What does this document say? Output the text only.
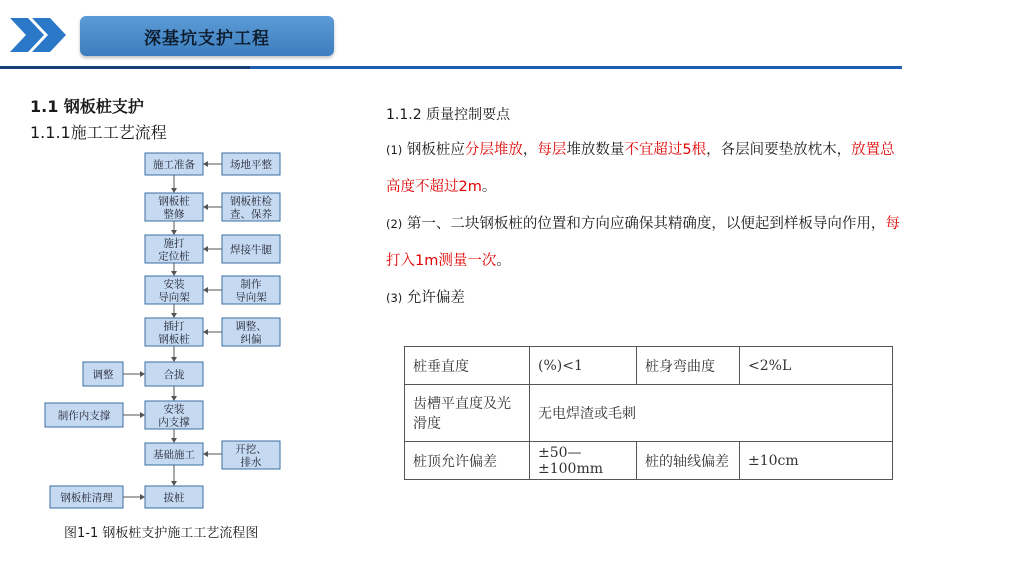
深基坑支护工程
1.1 钢板桩支护
1.1.1施工工艺流程
施工准备
钢板桩
整修
施打
定位桩
安装
导向架
插打
钢板桩
合拢
安装
内支撑
基础施工
拔桩
场地平整
钢板桩检
查、保养
焊接牛腿
制作
导向架
调整、
纠偏
开挖、
排水
调整
制作内支撑
钢板桩清理
图1-1 钢板桩支护施工工艺流程图
1.1.2 质量控制要点
(1) 钢板桩应分层堆放，每层堆放数量不宜超过5根，各层间要垫放枕木，放置总高度不超过2m。
(2) 第一、二块钢板桩的位置和方向应确保其精确度，以便起到样板导向作用，每打入1m测量一次。
(3) 允许偏差
桩垂直度	(%)<1	桩身弯曲度	<2%L
齿槽平直度及光滑度	无电焊渣或毛刺		
桩顶允许偏差	±50—±100mm	桩的轴线偏差	±10cm
